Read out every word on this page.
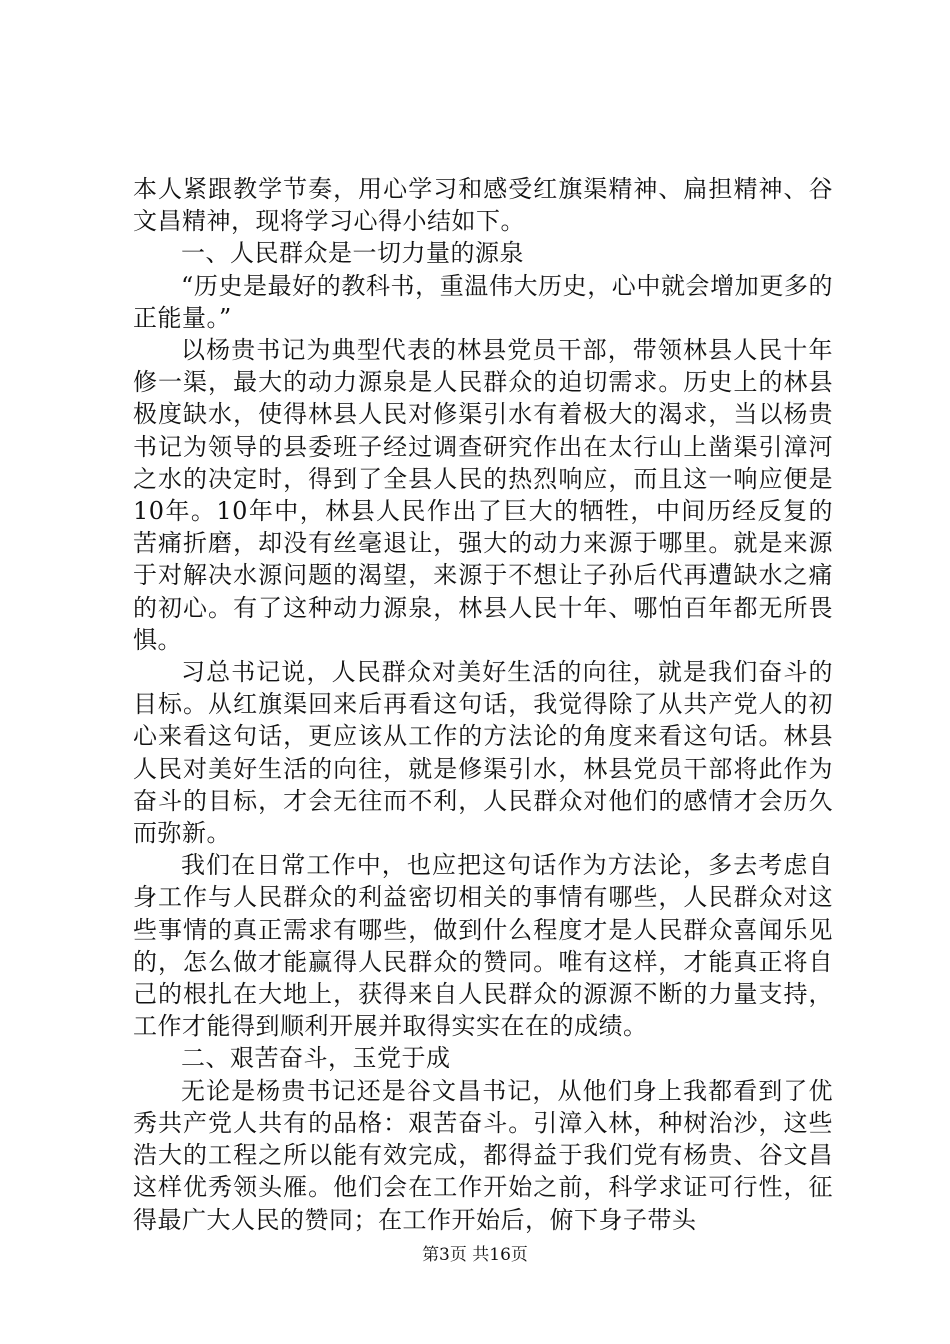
本人紧跟教学节奏，用心学习和感受红旗渠精神、扁担精神、谷文昌精神，现将学习心得小结如下。

一、人民群众是一切力量的源泉

“历史是最好的教科书，重温伟大历史，心中就会增加更多的正能量。”

以杨贵书记为典型代表的林县党员干部，带领林县人民十年修一渠，最大的动力源泉是人民群众的迫切需求。历史上的林县极度缺水，使得林县人民对修渠引水有着极大的渴求，当以杨贵书记为领导的县委班子经过调查研究作出在太行山上凿渠引漳河之水的决定时，得到了全县人民的热烈响应，而且这一响应便是10年。10年中，林县人民作出了巨大的牺牲，中间历经反复的苦痛折磨，却没有丝毫退让，强大的动力来源于哪里。就是来源于对解决水源问题的渴望，来源于不想让子孙后代再遭缺水之痛的初心。有了这种动力源泉，林县人民十年、哪怕百年都无所畏惧。

习总书记说，人民群众对美好生活的向往，就是我们奋斗的目标。从红旗渠回来后再看这句话，我觉得除了从共产党人的初心来看这句话，更应该从工作的方法论的角度来看这句话。林县人民对美好生活的向往，就是修渠引水，林县党员干部将此作为奋斗的目标，才会无往而不利，人民群众对他们的感情才会历久而弥新。

我们在日常工作中，也应把这句话作为方法论，多去考虑自身工作与人民群众的利益密切相关的事情有哪些，人民群众对这些事情的真正需求有哪些，做到什么程度才是人民群众喜闻乐见的，怎么做才能赢得人民群众的赞同。唯有这样，才能真正将自己的根扎在大地上，获得来自人民群众的源源不断的力量支持，工作才能得到顺利开展并取得实实在在的成绩。

二、艰苦奋斗，玉党于成

无论是杨贵书记还是谷文昌书记，从他们身上我都看到了优秀共产党人共有的品格：艰苦奋斗。引漳入林，种树治沙，这些浩大的工程之所以能有效完成，都得益于我们党有杨贵、谷文昌这样优秀领头雁。他们会在工作开始之前，科学求证可行性，征得最广大人民的赞同；在工作开始后，俯下身子带头

第3页 共16页
